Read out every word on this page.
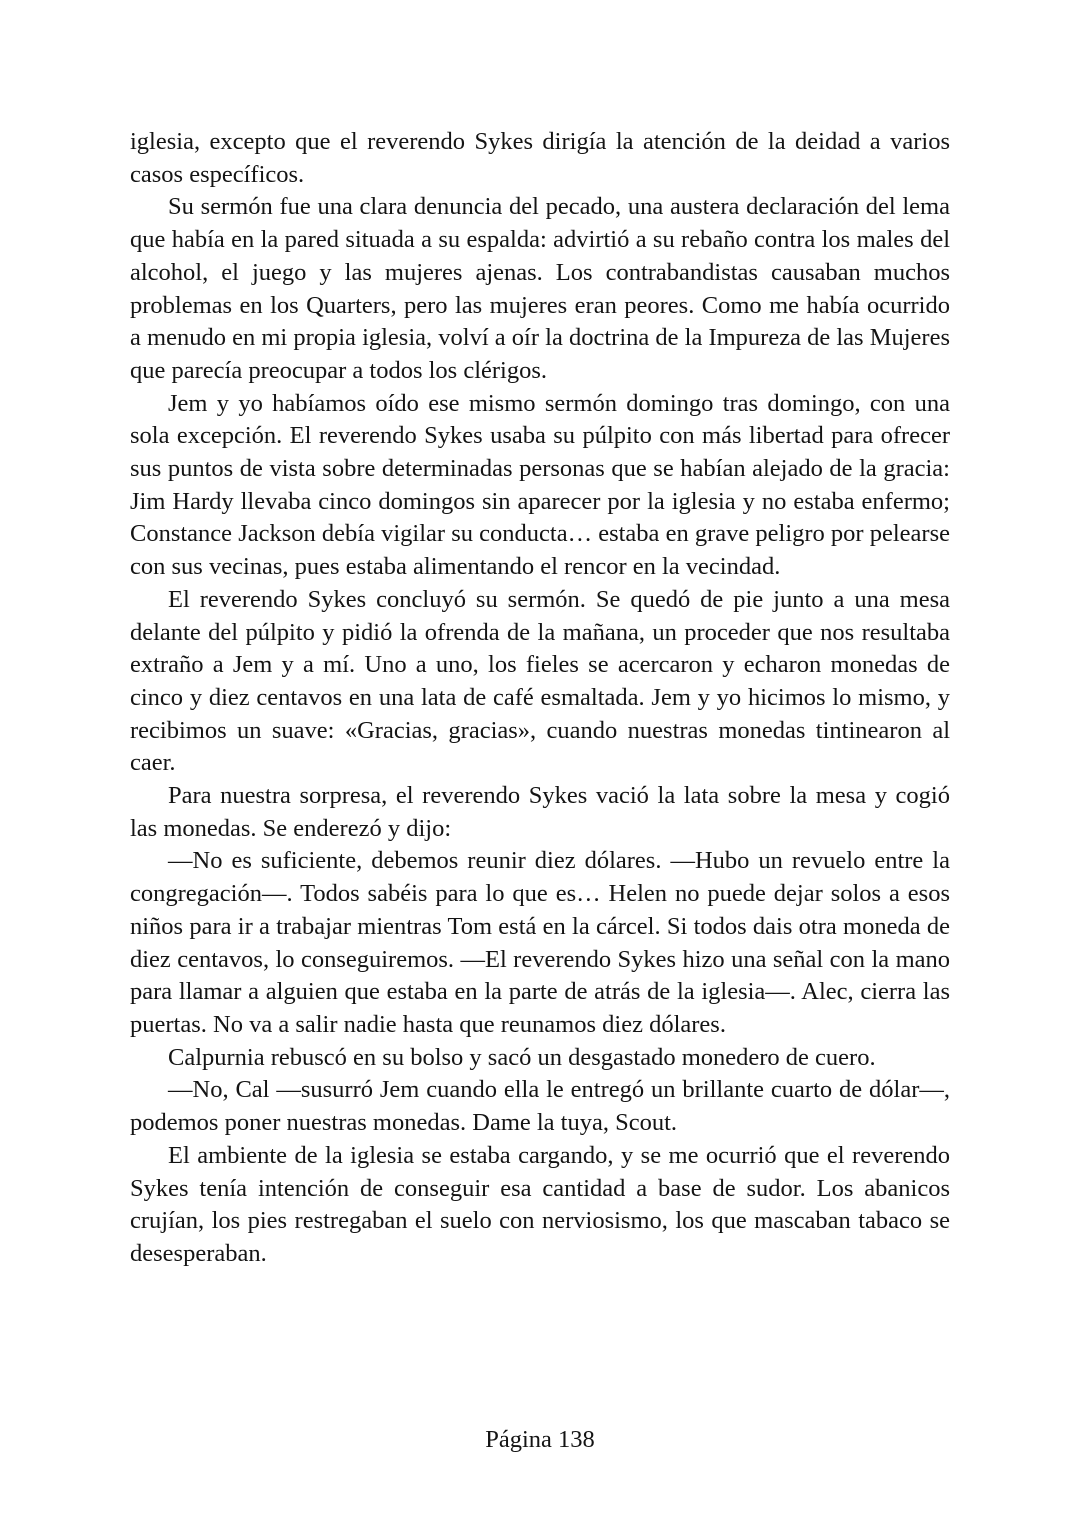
iglesia, excepto que el reverendo Sykes dirigía la atención de la deidad a varios casos específicos.

Su sermón fue una clara denuncia del pecado, una austera declaración del lema que había en la pared situada a su espalda: advirtió a su rebaño contra los males del alcohol, el juego y las mujeres ajenas. Los contrabandistas causaban muchos problemas en los Quarters, pero las mujeres eran peores. Como me había ocurrido a menudo en mi propia iglesia, volví a oír la doctrina de la Impureza de las Mujeres que parecía preocupar a todos los clérigos.

Jem y yo habíamos oído ese mismo sermón domingo tras domingo, con una sola excepción. El reverendo Sykes usaba su púlpito con más libertad para ofrecer sus puntos de vista sobre determinadas personas que se habían alejado de la gracia: Jim Hardy llevaba cinco domingos sin aparecer por la iglesia y no estaba enfermo; Constance Jackson debía vigilar su conducta… estaba en grave peligro por pelearse con sus vecinas, pues estaba alimentando el rencor en la vecindad.

El reverendo Sykes concluyó su sermón. Se quedó de pie junto a una mesa delante del púlpito y pidió la ofrenda de la mañana, un proceder que nos resultaba extraño a Jem y a mí. Uno a uno, los fieles se acercaron y echaron monedas de cinco y diez centavos en una lata de café esmaltada. Jem y yo hicimos lo mismo, y recibimos un suave: «Gracias, gracias», cuando nuestras monedas tintinearon al caer.

Para nuestra sorpresa, el reverendo Sykes vació la lata sobre la mesa y cogió las monedas. Se enderezó y dijo:

—No es suficiente, debemos reunir diez dólares. —Hubo un revuelo entre la congregación—. Todos sabéis para lo que es… Helen no puede dejar solos a esos niños para ir a trabajar mientras Tom está en la cárcel. Si todos dais otra moneda de diez centavos, lo conseguiremos. —El reverendo Sykes hizo una señal con la mano para llamar a alguien que estaba en la parte de atrás de la iglesia—. Alec, cierra las puertas. No va a salir nadie hasta que reunamos diez dólares.

Calpurnia rebuscó en su bolso y sacó un desgastado monedero de cuero.

—No, Cal —susurró Jem cuando ella le entregó un brillante cuarto de dólar—, podemos poner nuestras monedas. Dame la tuya, Scout.

El ambiente de la iglesia se estaba cargando, y se me ocurrió que el reverendo Sykes tenía intención de conseguir esa cantidad a base de sudor. Los abanicos crujían, los pies restregaban el suelo con nerviosismo, los que mascaban tabaco se desesperaban.

Página 138
